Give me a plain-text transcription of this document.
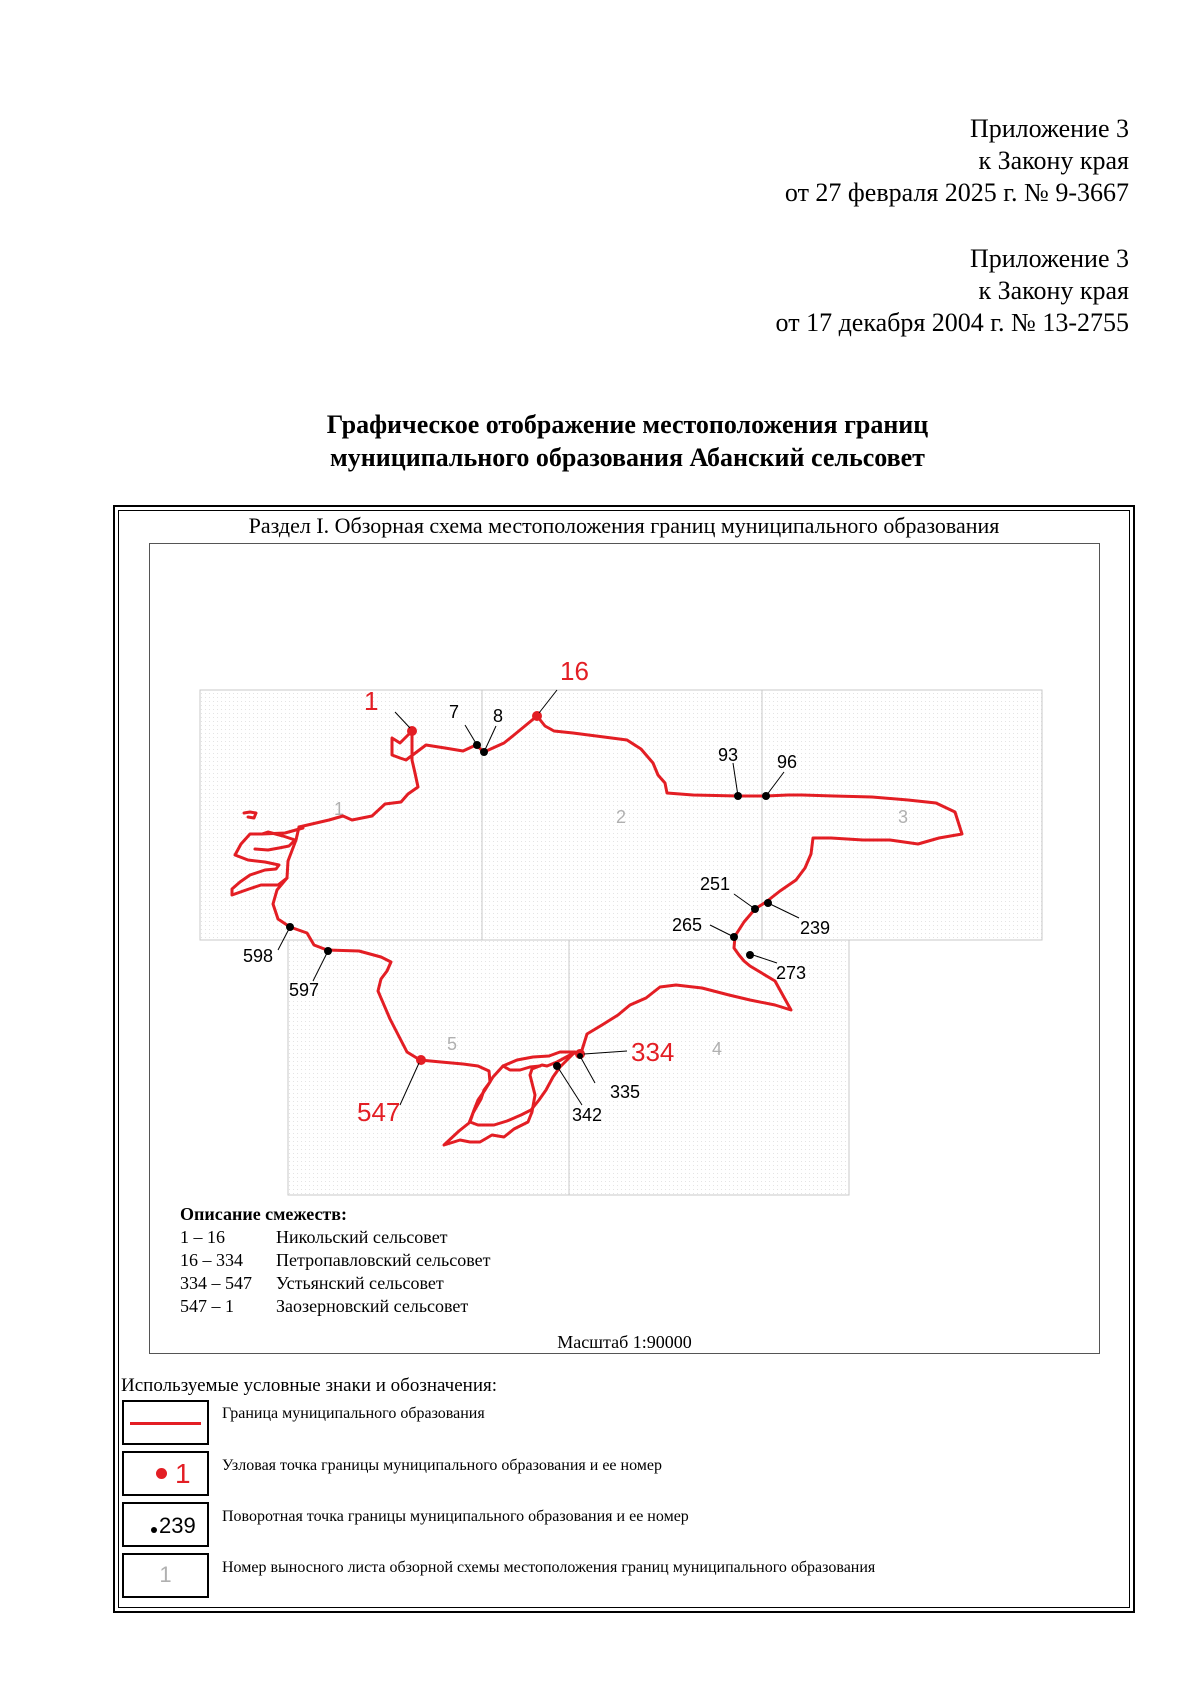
Приложение 3
к Закону края
от 27 февраля 2025 г. № 9-3667
Приложение 3
к Закону края
от 17 декабря 2004 г. № 13-2755
Графическое отображение местоположения границ
муниципального образования Абанский сельсовет
Раздел I. Обзорная схема местоположения границ муниципального образования
1	2	3
4
5
1
16
334
547
7 8
93 96
251
239
265
273
335
342
598
597
Описание смежеств:
1 – 16	Никольский сельсовет
16 – 334 Петропавловский сельсовет
334 – 547 Устьянский сельсовет
547 – 1 Заозерновский сельсовет
Масштаб 1:90000
Используемые условные знаки и обозначения:
Граница муниципального образования
1 Узловая точка границы муниципального образования и ее номер
239 Поворотная точка границы муниципального образования и ее номер
1	Номер выносного листа обзорной схемы местоположения границ муниципального образования
